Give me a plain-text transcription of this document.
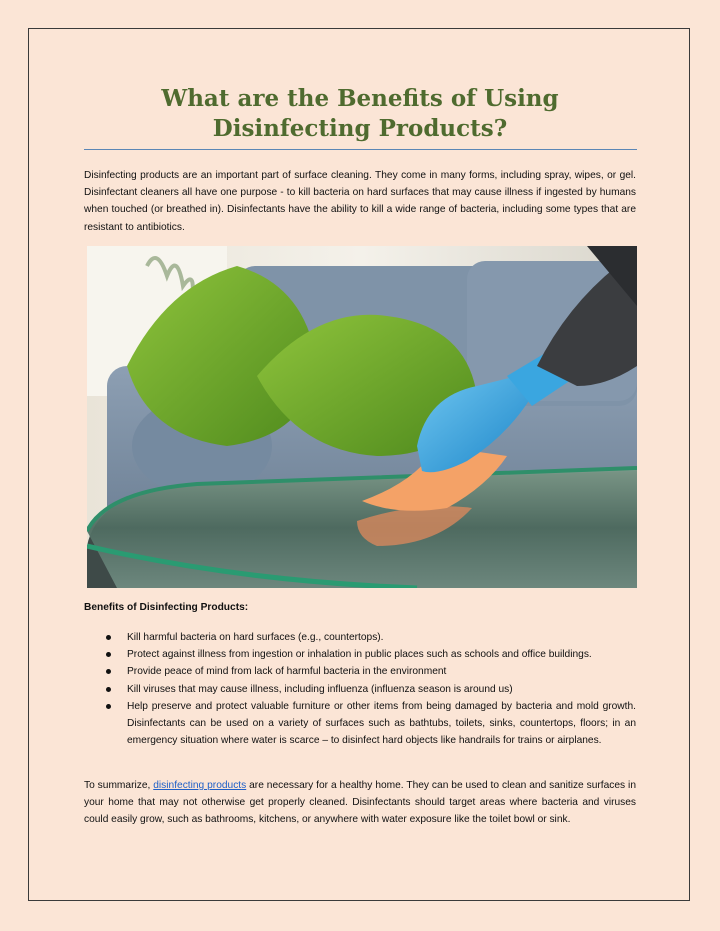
What are the Benefits of Using Disinfecting Products?

Disinfecting products are an important part of surface cleaning. They come in many forms, including spray, wipes, or gel. Disinfectant cleaners all have one purpose - to kill bacteria on hard surfaces that may cause illness if ingested by humans when touched (or breathed in). Disinfectants have the ability to kill a wide range of bacteria, including some types that are resistant to antibiotics.

Benefits of Disinfecting Products:

Kill harmful bacteria on hard surfaces (e.g., countertops).
Protect against illness from ingestion or inhalation in public places such as schools and office buildings.
Provide peace of mind from lack of harmful bacteria in the environment
Kill viruses that may cause illness, including influenza (influenza season is around us)
Help preserve and protect valuable furniture or other items from being damaged by bacteria and mold growth. Disinfectants can be used on a variety of surfaces such as bathtubs, toilets, sinks, countertops, floors; in an emergency situation where water is scarce – to disinfect hard objects like handrails for trains or airplanes.

To summarize, disinfecting products are necessary for a healthy home. They can be used to clean and sanitize surfaces in your home that may not otherwise get properly cleaned. Disinfectants should target areas where bacteria and viruses could easily grow, such as bathrooms, kitchens, or anywhere with water exposure like the toilet bowl or sink.
